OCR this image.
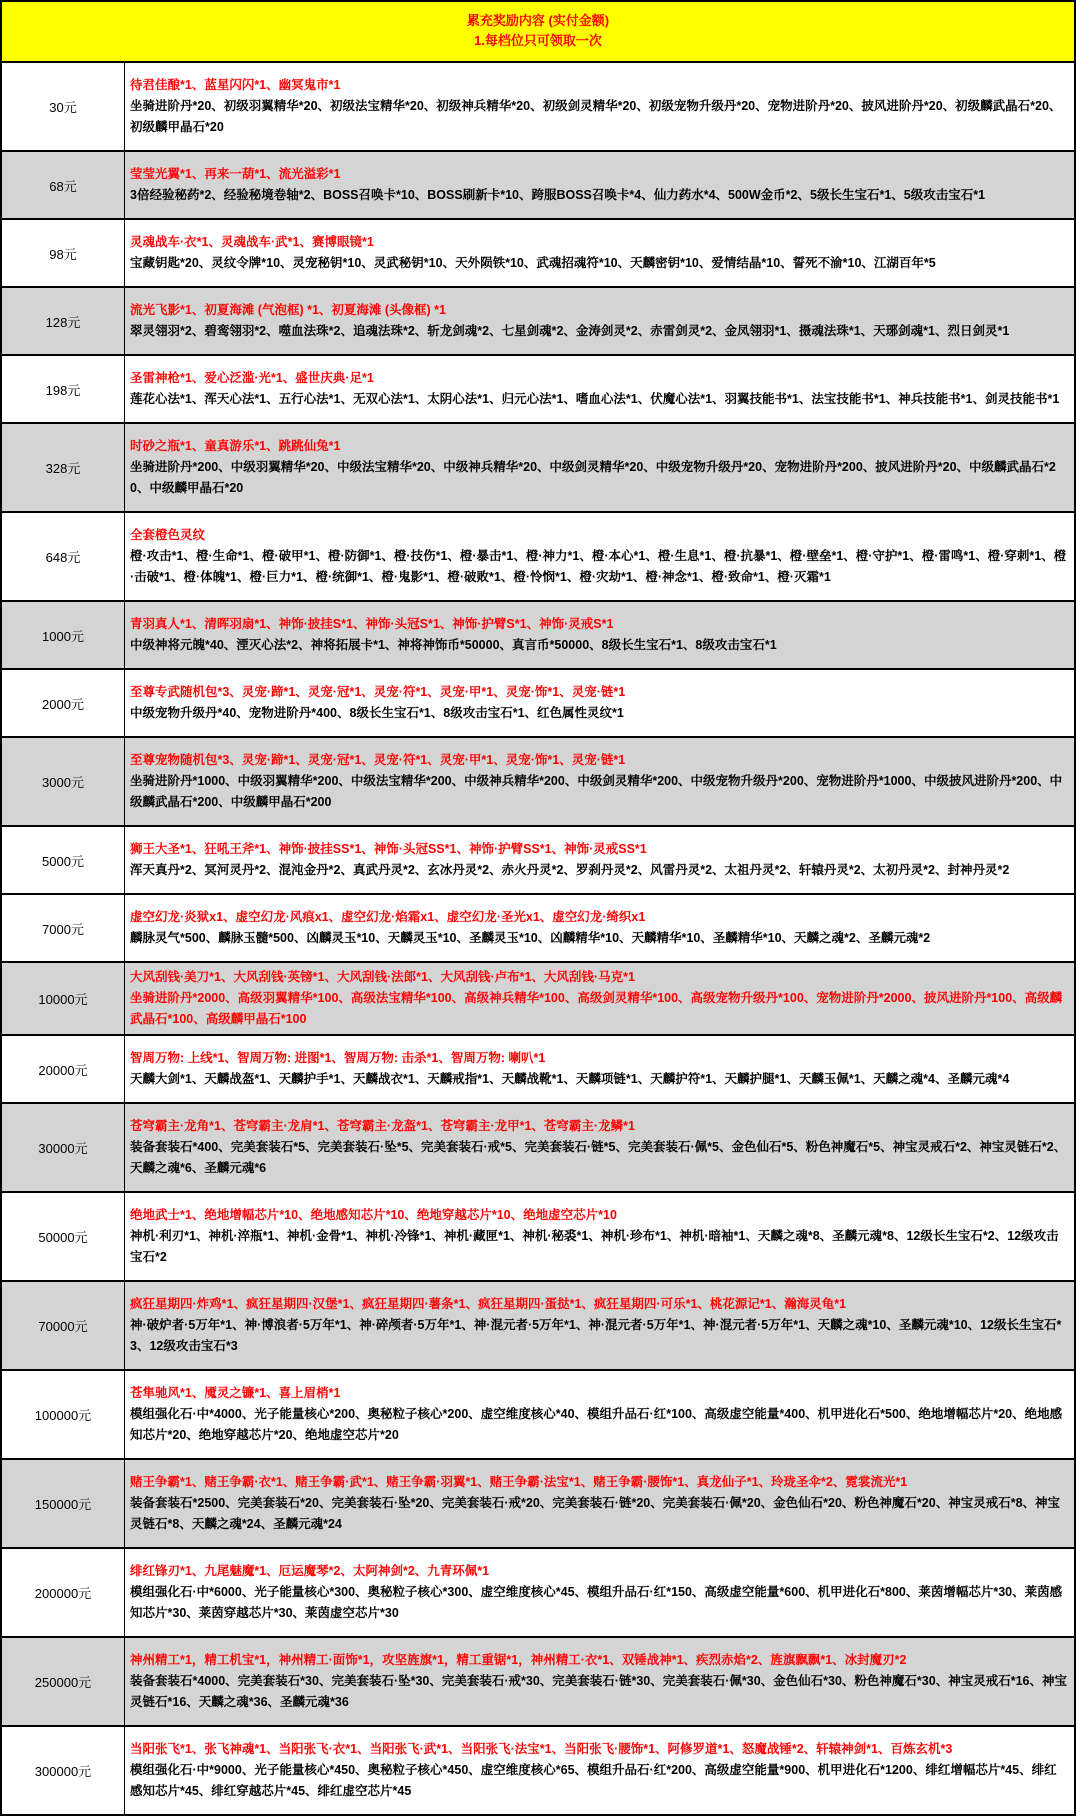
累充奖励内容 (实付金额)
1.每档位只可领取一次
30元
待君佳酿*1、蓝星闪闪*1、幽冥鬼市*1
坐骑进阶丹*20、初级羽翼精华*20、初级法宝精华*20、初级神兵精华*20、初级剑灵精华*20、初级宠物升级丹*20、宠物进阶丹*20、披风进阶丹*20、初级麟武晶石*20、初级麟甲晶石*20
68元
莹莹光翼*1、再来一葫*1、流光溢彩*1
3倍经验秘药*2、经验秘境卷轴*2、BOSS召唤卡*10、BOSS刷新卡*10、跨服BOSS召唤卡*4、仙力药水*4、500W金币*2、5级长生宝石*1、5级攻击宝石*1
98元
灵魂战车·衣*1、灵魂战车·武*1、赛博眼镜*1
宝藏钥匙*20、灵纹令牌*10、灵宠秘钥*10、灵武秘钥*10、天外陨铁*10、武魂招魂符*10、天麟密钥*10、爱情结晶*10、誓死不渝*10、江湖百年*5
128元
流光飞影*1、初夏海滩 (气泡框) *1、初夏海滩 (头像框) *1
翠灵翎羽*2、碧鸾翎羽*2、噬血法珠*2、追魂法珠*2、斩龙剑魂*2、七星剑魂*2、金涛剑灵*2、赤雷剑灵*2、金凤翎羽*1、摄魂法珠*1、天琊剑魂*1、烈日剑灵*1
198元
圣雷神枪*1、爱心泛滥·光*1、盛世庆典·足*1
莲花心法*1、浑天心法*1、五行心法*1、无双心法*1、太阴心法*1、归元心法*1、嗜血心法*1、伏魔心法*1、羽翼技能书*1、法宝技能书*1、神兵技能书*1、剑灵技能书*1
328元
时砂之瓶*1、童真游乐*1、跳跳仙兔*1
坐骑进阶丹*200、中级羽翼精华*20、中级法宝精华*20、中级神兵精华*20、中级剑灵精华*20、中级宠物升级丹*20、宠物进阶丹*200、披风进阶丹*20、中级麟武晶石*20、中级麟甲晶石*20
648元
全套橙色灵纹
橙·攻击*1、橙·生命*1、橙·破甲*1、橙·防御*1、橙·技伤*1、橙·暴击*1、橙·神力*1、橙·本心*1、橙·生息*1、橙·抗暴*1、橙·壁垒*1、橙·守护*1、橙·雷鸣*1、橙·穿刺*1、橙·击破*1、橙·体魄*1、橙·巨力*1、橙·统御*1、橙·鬼影*1、橙·破败*1、橙·怜悯*1、橙·灾劫*1、橙·神念*1、橙·致命*1、橙·灭霜*1
1000元
青羽真人*1、清晖羽扇*1、神饰·披挂S*1、神饰·头冠S*1、神饰·护臂S*1、神饰·灵戒S*1
中级神将元魄*40、湮灭心法*2、神将拓展卡*1、神将神饰币*50000、真言币*50000、8级长生宝石*1、8级攻击宝石*1
2000元
至尊专武随机包*3、灵宠·蹄*1、灵宠·冠*1、灵宠·符*1、灵宠·甲*1、灵宠·饰*1、灵宠·链*1
中级宠物升级丹*40、宠物进阶丹*400、8级长生宝石*1、8级攻击宝石*1、红色属性灵纹*1
3000元
至尊宠物随机包*3、灵宠·蹄*1、灵宠·冠*1、灵宠·符*1、灵宠·甲*1、灵宠·饰*1、灵宠·链*1
坐骑进阶丹*1000、中级羽翼精华*200、中级法宝精华*200、中级神兵精华*200、中级剑灵精华*200、中级宠物升级丹*200、宠物进阶丹*1000、中级披风进阶丹*200、中级麟武晶石*200、中级麟甲晶石*200
5000元
狮王大圣*1、狂吼王斧*1、神饰·披挂SS*1、神饰·头冠SS*1、神饰·护臂SS*1、神饰·灵戒SS*1
浑天真丹*2、冥河灵丹*2、混沌金丹*2、真武丹灵*2、玄冰丹灵*2、赤火丹灵*2、罗刹丹灵*2、风雷丹灵*2、太祖丹灵*2、轩辕丹灵*2、太初丹灵*2、封神丹灵*2
7000元
虚空幻龙·炎狱x1、虚空幻龙·风痕x1、虚空幻龙·焰霜x1、虚空幻龙·圣光x1、虚空幻龙·绮织x1
麟脉灵气*500、麟脉玉髓*500、凶麟灵玉*10、天麟灵玉*10、圣麟灵玉*10、凶麟精华*10、天麟精华*10、圣麟精华*10、天麟之魂*2、圣麟元魂*2
10000元
大风刮钱·美刀*1、大风刮钱·英镑*1、大风刮钱·法郎*1、大风刮钱·卢布*1、大风刮钱·马克*1
坐骑进阶丹*2000、高级羽翼精华*100、高级法宝精华*100、高级神兵精华*100、高级剑灵精华*100、高级宠物升级丹*100、宠物进阶丹*2000、披风进阶丹*100、高级麟武晶石*100、高级麟甲晶石*100
20000元
智周万物: 上线*1、智周万物: 进图*1、智周万物: 击杀*1、智周万物: 喇叭*1
天麟大剑*1、天麟战盔*1、天麟护手*1、天麟战衣*1、天麟戒指*1、天麟战靴*1、天麟项链*1、天麟护符*1、天麟护腿*1、天麟玉佩*1、天麟之魂*4、圣麟元魂*4
30000元
苍穹霸主·龙角*1、苍穹霸主·龙肩*1、苍穹霸主·龙盔*1、苍穹霸主·龙甲*1、苍穹霸主·龙鳞*1
装备套装石*400、完美套装石*5、完美套装石·坠*5、完美套装石·戒*5、完美套装石·链*5、完美套装石·佩*5、金色仙石*5、粉色神魔石*5、神宝灵戒石*2、神宝灵链石*2、天麟之魂*6、圣麟元魂*6
50000元
绝地武士*1、绝地增幅芯片*10、绝地感知芯片*10、绝地穿越芯片*10、绝地虚空芯片*10
神机·利刃*1、神机·淬瓶*1、神机·金骨*1、神机·冷锋*1、神机·藏匣*1、神机·秘裘*1、神机·珍布*1、神机·暗袖*1、天麟之魂*8、圣麟元魂*8、12级长生宝石*2、12级攻击宝石*2
70000元
疯狂星期四·炸鸡*1、疯狂星期四·汉堡*1、疯狂星期四·薯条*1、疯狂星期四·蛋挞*1、疯狂星期四·可乐*1、桃花源记*1、瀚海灵龟*1
神·破炉者·5万年*1、神·博浪者·5万年*1、神·碎颅者·5万年*1、神·混元者·5万年*1、神·混元者·5万年*1、神·混元者·5万年*1、天麟之魂*10、圣麟元魂*10、12级长生宝石*3、12级攻击宝石*3
100000元
苍隼驰风*1、魇灵之镰*1、喜上眉梢*1
模组强化石·中*4000、光子能量核心*200、奥秘粒子核心*200、虚空维度核心*40、模组升品石·红*100、高级虚空能量*400、机甲进化石*500、绝地增幅芯片*20、绝地感知芯片*20、绝地穿越芯片*20、绝地虚空芯片*20
150000元
赌王争霸*1、赌王争霸·衣*1、赌王争霸·武*1、赌王争霸·羽翼*1、赌王争霸·法宝*1、赌王争霸·腰饰*1、真龙仙子*1、玲珑圣伞*2、霓裳流光*1
装备套装石*2500、完美套装石*20、完美套装石·坠*20、完美套装石·戒*20、完美套装石·链*20、完美套装石·佩*20、金色仙石*20、粉色神魔石*20、神宝灵戒石*8、神宝灵链石*8、天麟之魂*24、圣麟元魂*24
200000元
绯红锋刃*1、九尾魅魔*1、厄运魔琴*2、太阿神剑*2、九青环佩*1
模组强化石·中*6000、光子能量核心*300、奥秘粒子核心*300、虚空维度核心*45、模组升品石·红*150、高级虚空能量*600、机甲进化石*800、莱茵增幅芯片*30、莱茵感知芯片*30、莱茵穿越芯片*30、莱茵虚空芯片*30
250000元
神州精工*1，精工机宝*1，神州精工·面饰*1，攻坚旌旗*1，精工重锯*1，神州精工·衣*1、双锤战神*1、疾烈赤焰*2、旌旗飘飘*1、冰封魔刃*2
装备套装石*4000、完美套装石*30、完美套装石·坠*30、完美套装石·戒*30、完美套装石·链*30、完美套装石·佩*30、金色仙石*30、粉色神魔石*30、神宝灵戒石*16、神宝灵链石*16、天麟之魂*36、圣麟元魂*36
300000元
当阳张飞*1、张飞神魂*1、当阳张飞·衣*1、当阳张飞·武*1、当阳张飞·法宝*1、当阳张飞·腰饰*1、阿修罗道*1、怒魔战锤*2、轩辕神剑*1、百炼玄机*3
模组强化石·中*9000、光子能量核心*450、奥秘粒子核心*450、虚空维度核心*65、模组升品石·红*200、高级虚空能量*900、机甲进化石*1200、绯红增幅芯片*45、绯红感知芯片*45、绯红穿越芯片*45、绯红虚空芯片*45
